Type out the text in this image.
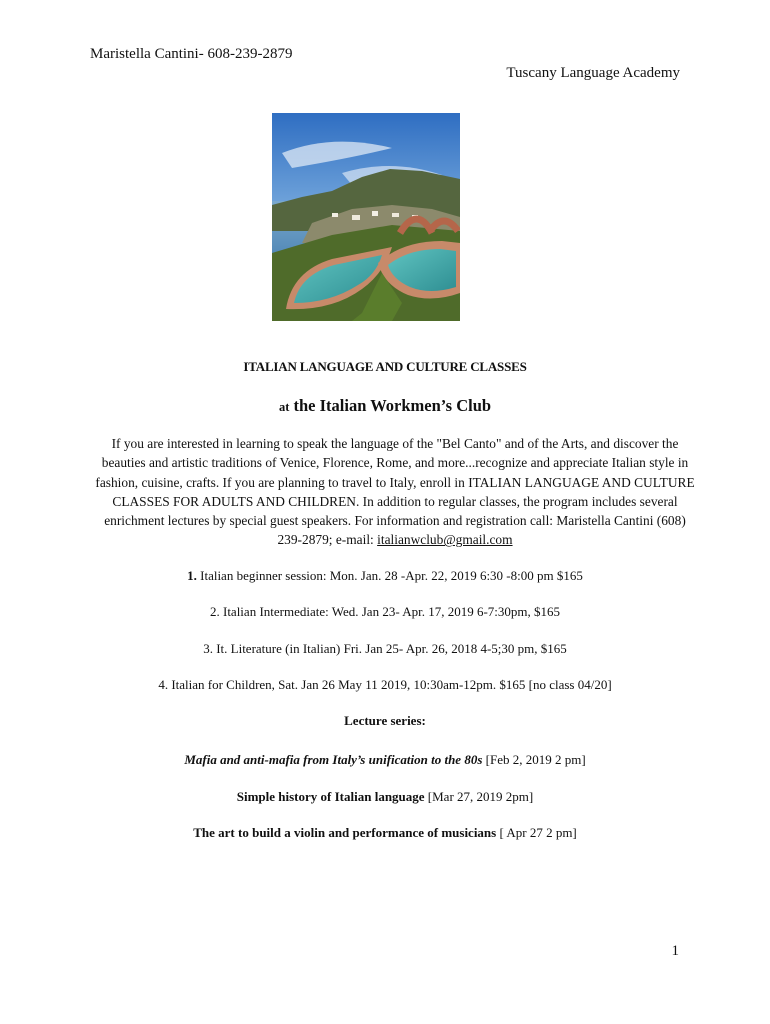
Maristella Cantini- 608-239-2879
Tuscany Language Academy
ITALIAN LANGUAGE AND CULTURE CLASSES
at the Italian Workmen’s Club
If you are interested in learning to speak the language of the "Bel Canto" and of the Arts, and discover the beauties and artistic traditions of Venice, Florence, Rome, and more...recognize and appreciate Italian style in fashion, cuisine, crafts. If you are planning to travel to Italy, enroll in ITALIAN LANGUAGE AND CULTURE CLASSES FOR ADULTS AND CHILDREN. In addition to regular classes, the program includes several enrichment lectures by special guest speakers. For information and registration call: Maristella Cantini (608) 239-2879; e-mail: italianwclub@gmail.com
1. Italian beginner session: Mon. Jan. 28 -Apr. 22, 2019 6:30 -8:00 pm $165
2. Italian Intermediate: Wed. Jan 23- Apr. 17, 2019 6-7:30pm, $165
3. It. Literature (in Italian) Fri. Jan 25- Apr. 26, 2018 4-5;30 pm, $165
4. Italian for Children, Sat. Jan 26 May 11 2019, 10:30am-12pm. $165 [no class 04/20]
Lecture series:
Mafia and anti-mafia from Italy’s unification to the 80s [Feb 2, 2019 2 pm]
Simple history of Italian language [Mar 27, 2019 2pm]
The art to build a violin and performance of musicians [ Apr 27 2 pm]
1
